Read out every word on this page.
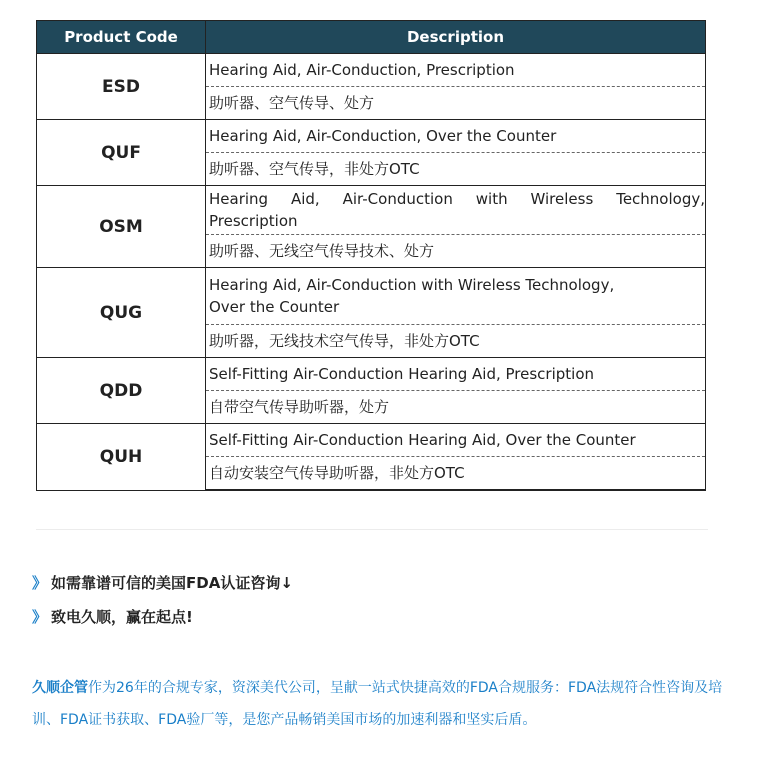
Product Code	Description
ESD	Hearing Aid, Air-Conduction, Prescription
	助听器、空气传导、处方
QUF	Hearing Aid, Air-Conduction, Over the Counter
	助听器、空气传导，非处方OTC
OSM	Hearing Aid, Air-Conduction with Wireless Technology,
Prescription

	助听器、无线空气传导技术、处方
QUG	Hearing Aid, Air-Conduction with Wireless Technology,
Over the Counter

	助听器，无线技术空气传导，非处方OTC
QDD	Self-Fitting Air-Conduction Hearing Aid, Prescription
	自带空气传导助听器，处方
QUH	Self-Fitting Air-Conduction Hearing Aid, Over the Counter
	自动安装空气传导助听器，非处方OTC
》 如需靠谱可信的美国FDA认证咨询↓
》 致电久顺，赢在起点!
久顺企管作为26年的合规专家，资深美代公司，呈献一站式快捷高效的FDA合规服务：FDA法规符合性咨询及培训、FDA证书获取、FDA验厂等，是您产品畅销美国市场的加速利器和坚实后盾。
